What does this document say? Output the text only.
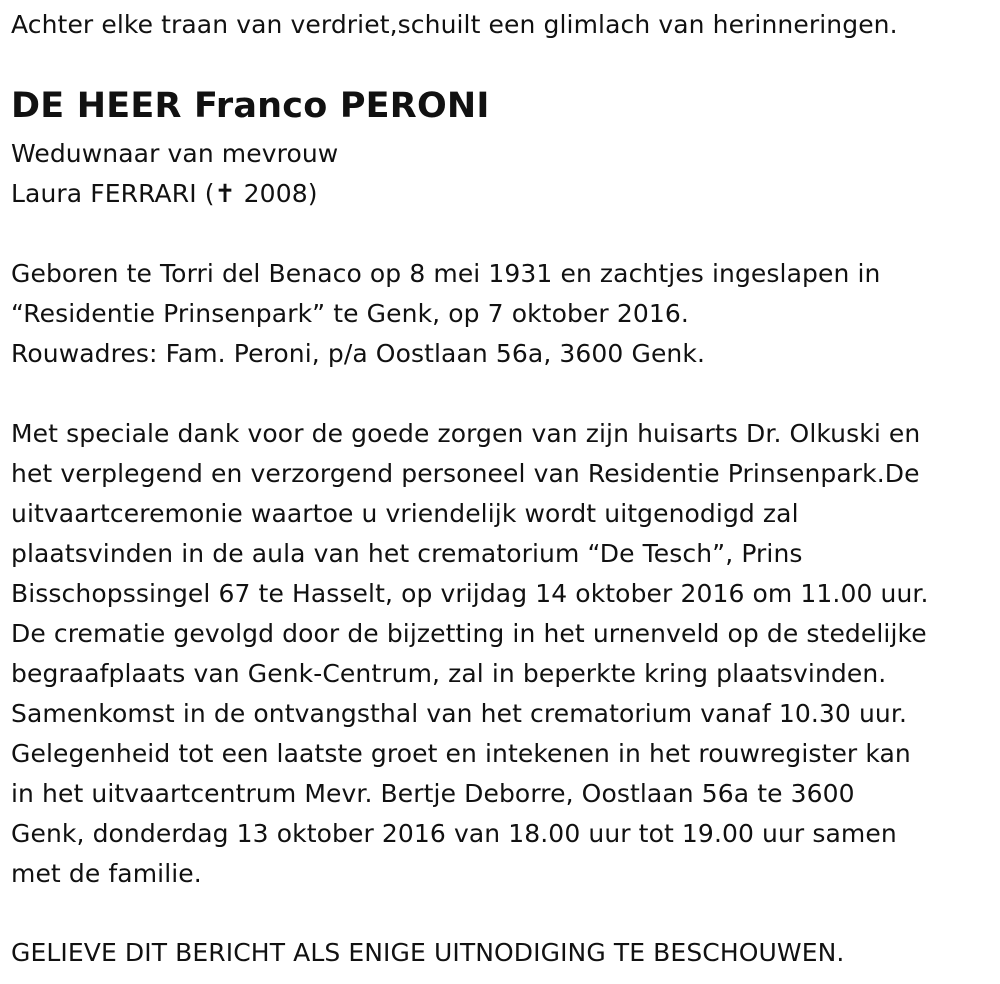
Achter elke traan van verdriet,schuilt een glimlach van herinneringen.
DE HEER Franco PERONI
Weduwnaar van mevrouw
Laura FERRARI (✝ 2008)
Geboren te Torri del Benaco op 8 mei 1931 en zachtjes ingeslapen in
“Residentie Prinsenpark” te Genk, op 7 oktober 2016.
Rouwadres: Fam. Peroni, p/a Oostlaan 56a, 3600 Genk.
Met speciale dank voor de goede zorgen van zijn huisarts Dr. Olkuski en
het verplegend en verzorgend personeel van Residentie Prinsenpark.De
uitvaartceremonie waartoe u vriendelijk wordt uitgenodigd zal
plaatsvinden in de aula van het crematorium “De Tesch”, Prins
Bisschopssingel 67 te Hasselt, op vrijdag 14 oktober 2016 om 11.00 uur.
De crematie gevolgd door de bijzetting in het urnenveld op de stedelijke
begraafplaats van Genk-Centrum, zal in beperkte kring plaatsvinden.
Samenkomst in de ontvangsthal van het crematorium vanaf 10.30 uur.
Gelegenheid tot een laatste groet en intekenen in het rouwregister kan
in het uitvaartcentrum Mevr. Bertje Deborre, Oostlaan 56a te 3600
Genk, donderdag 13 oktober 2016 van 18.00 uur tot 19.00 uur samen
met de familie.
GELIEVE DIT BERICHT ALS ENIGE UITNODIGING TE BESCHOUWEN.
